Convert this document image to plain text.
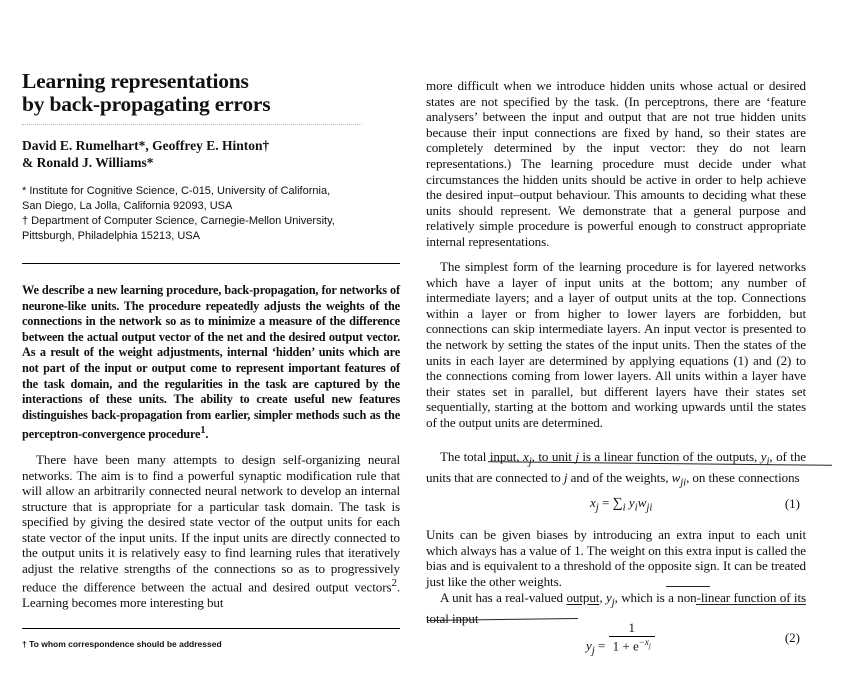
Learning representations
by back-propagating errors
David E. Rumelhart*, Geoffrey E. Hinton†
& Ronald J. Williams*
* Institute for Cognitive Science, C-015, University of California,
San Diego, La Jolla, California 92093, USA
† Department of Computer Science, Carnegie-Mellon University,
Pittsburgh, Philadelphia 15213, USA

We describe a new learning procedure, back-propagation, for networks of neurone-like units. The procedure repeatedly adjusts the weights of the connections in the network so as to minimize a measure of the difference between the actual output vector of the net and the desired output vector. As a result of the weight adjustments, internal ‘hidden’ units which are not part of the input or output come to represent important features of the task domain, and the regularities in the task are captured by the interactions of these units. The ability to create useful new features distinguishes back-propagation from earlier, simpler methods such as the perceptron-convergence procedure$^1$.

There have been many attempts to design self-organizing neural networks. The aim is to find a powerful synaptic modification rule that will allow an arbitrarily connected neural network to develop an internal structure that is appropriate for a particular task domain. The task is specified by giving the desired state vector of the output units for each state vector of the input units. If the input units are directly connected to the output units it is relatively easy to find learning rules that iteratively adjust the relative strengths of the connections so as to progressively reduce the difference between the actual and desired output vectors$^2$. Learning becomes more interesting but

† To whom correspondence should be addressed

more difficult when we introduce hidden units whose actual or desired states are not specified by the task. (In perceptrons, there are ‘feature analysers’ between the input and output that are not true hidden units because their input connections are fixed by hand, so their states are completely determined by the input vector: they do not learn representations.) The learning procedure must decide under what circumstances the hidden units should be active in order to help achieve the desired input–output behaviour. This amounts to deciding what these units should represent. We demonstrate that a general purpose and relatively simple procedure is powerful enough to construct appropriate internal representations.

The simplest form of the learning procedure is for layered networks which have a layer of input units at the bottom; any number of intermediate layers; and a layer of output units at the top. Connections within a layer or from higher to lower layers are forbidden, but connections can skip intermediate layers. An input vector is presented to the network by setting the states of the input units. Then the states of the units in each layer are determined by applying equations (1) and (2) to the connections coming from lower layers. All units within a layer have their states set in parallel, but different layers have their states set sequentially, starting at the bottom and working upwards until the states of the output units are determined.

The total input, $x_j$, to unit j is a linear function of the outputs, $y_i$, of the units that are connected to j and of the weights, $w_{ji}$, on these connections

$x_j = \sum_i$ $y_iw_{ji}$	(1)

Units can be given biases by introducing an extra input to each unit which always has a value of 1. The weight on this extra input is called the bias and is equivalent to a threshold of the opposite sign. It can be treated just like the other weights.

A unit has a real-valued output, $y_j$, which is a non-linear function of its total input

$y_j = \frac{1}{1 + e^{-x_j}}$	(2)
